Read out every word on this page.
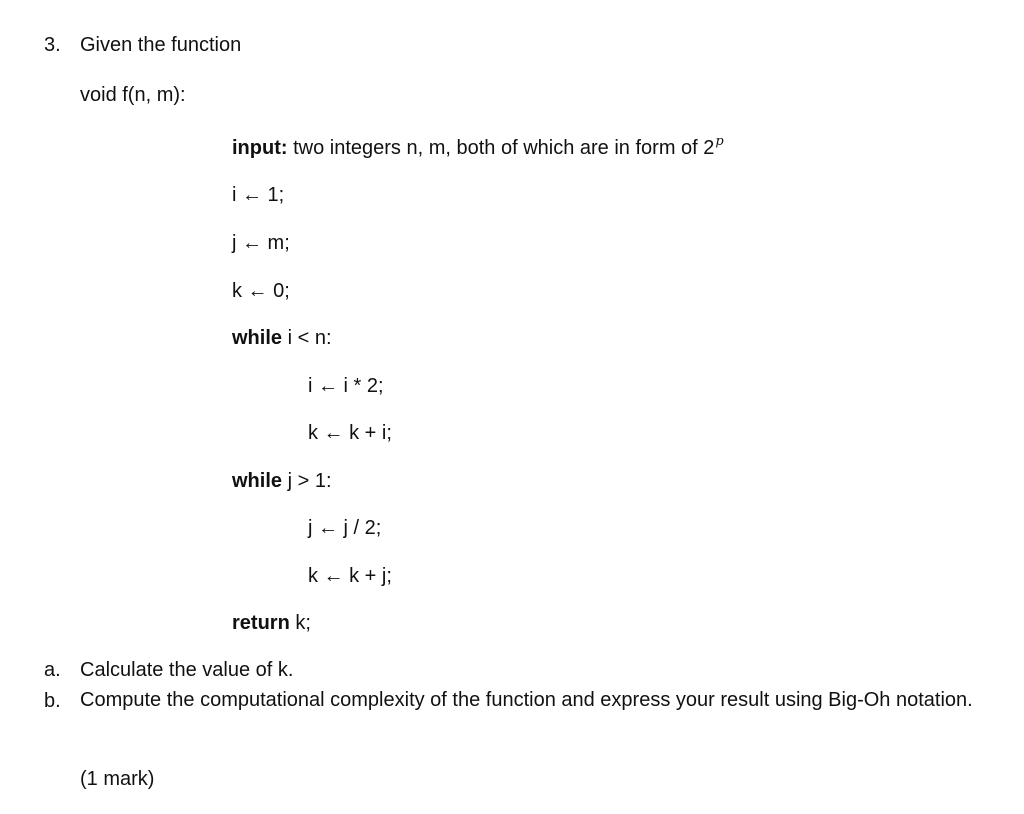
3. Given the function
void f(n, m):
input: two integers n, m, both of which are in form of 2$^p$
i ← 1;
j ← m;
k ← 0;
while i < n:
i ← i * 2;
k ← k + i;
while j > 1:
j ← j / 2;
k ← k + j;
return k;
a. Calculate the value of k.
b. Compute the computational complexity of the function and express your result using Big-Oh notation.
(1 mark)
